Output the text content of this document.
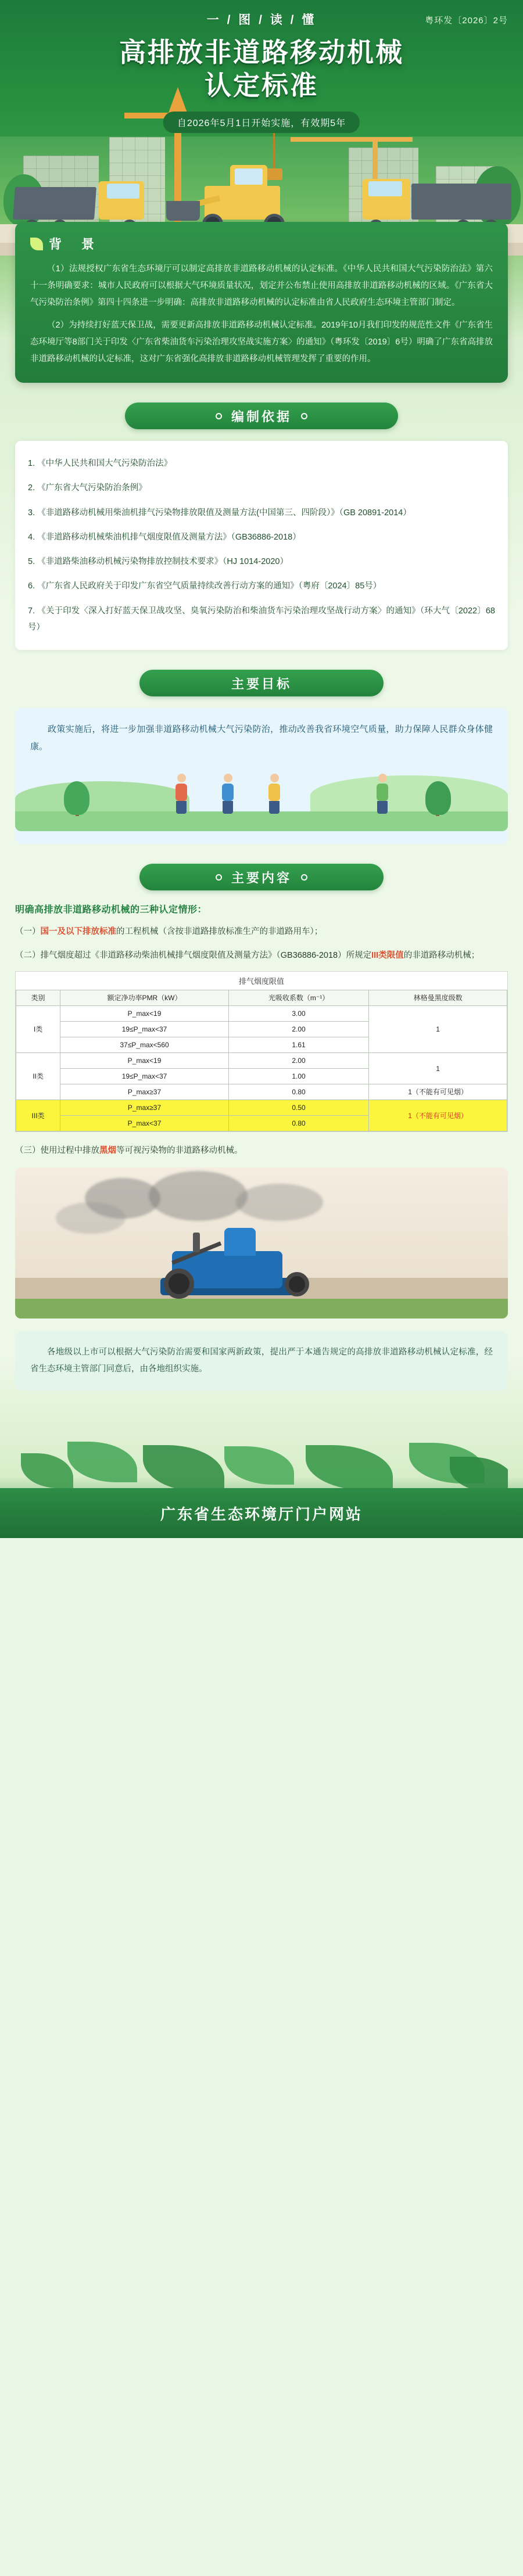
一 / 图 / 读 / 懂	粤环发〔2026〕2号
高排放非道路移动机械
认定标准
自2026年5月1日开始实施，有效期5年
背　景

（1）法规授权广东省生态环境厅可以制定高排放非道路移动机械的认定标准。《中华人民共和国大气污染防治法》第六十一条明确要求：城市人民政府可以根据大气环境质量状况，划定并公布禁止使用高排放非道路移动机械的区域。《广东省大气污染防治条例》第四十四条进一步明确：高排放非道路移动机械的认定标准由省人民政府生态环境主管部门制定。

（2）为持续打好蓝天保卫战，需要更新高排放非道路移动机械认定标准。2019年10月我们印发的规范性文件《广东省生态环境厅等8部门关于印发〈广东省柴油货车污染治理攻坚战实施方案〉的通知》（粤环发〔2019〕6号）明确了广东省高排放非道路移动机械的认定标准，这对广东省强化高排放非道路移动机械管理发挥了重要的作用。

编制依据
1. 《中华人民共和国大气污染防治法》
2. 《广东省大气污染防治条例》
3. 《非道路移动机械用柴油机排气污染物排放限值及测量方法(中国第三、四阶段）》（GB 20891-2014）
4. 《非道路移动机械柴油机排气烟度限值及测量方法》（GB36886-2018）
5. 《非道路柴油移动机械污染物排放控制技术要求》（HJ 1014-2020）
6. 《广东省人民政府关于印发广东省空气质量持续改善行动方案的通知》（粤府〔2024〕85号）
7. 《关于印发〈深入打好蓝天保卫战攻坚、臭氧污染防治和柴油货车污染治理攻坚战行动方案〉的通知》（环大气〔2022〕68号）
主要目标
政策实施后，将进一步加强非道路移动机械大气污染防治，推动改善我省环境空气质量，助力保障人民群众身体健康。
主要内容
明确高排放非道路移动机械的三种认定情形：
（一）国一及以下排放标准的工程机械（含按非道路排放标准生产的非道路用车）；
（二）排气烟度超过《非道路移动柴油机械排气烟度限值及测量方法》（GB36886-2018）所规定III类限值的非道路移动机械；
排气烟度限值
类别	额定净功率PMR（kW）	光吸收系数（m⁻¹）	林格曼黑度级数
I类	P_max<19	3.00	1
	19≤P_max<37	2.00	
	37≤P_max<560	1.61	
II类	P_max<19	2.00	1
	19≤P_max<37	1.00	
	P_max≥37	0.80	1（不能有可见烟）
III类	P_max≥37	0.50	1（不能有可见烟）
	P_max<37	0.80	
（三）使用过程中排放黑烟等可视污染物的非道路移动机械。

各地级以上市可以根据大气污染防治需要和国家两新政策，提出严于本通告规定的高排放非道路移动机械认定标准，经省生态环境主管部门同意后，由各地组织实施。

广东省生态环境厅门户网站
